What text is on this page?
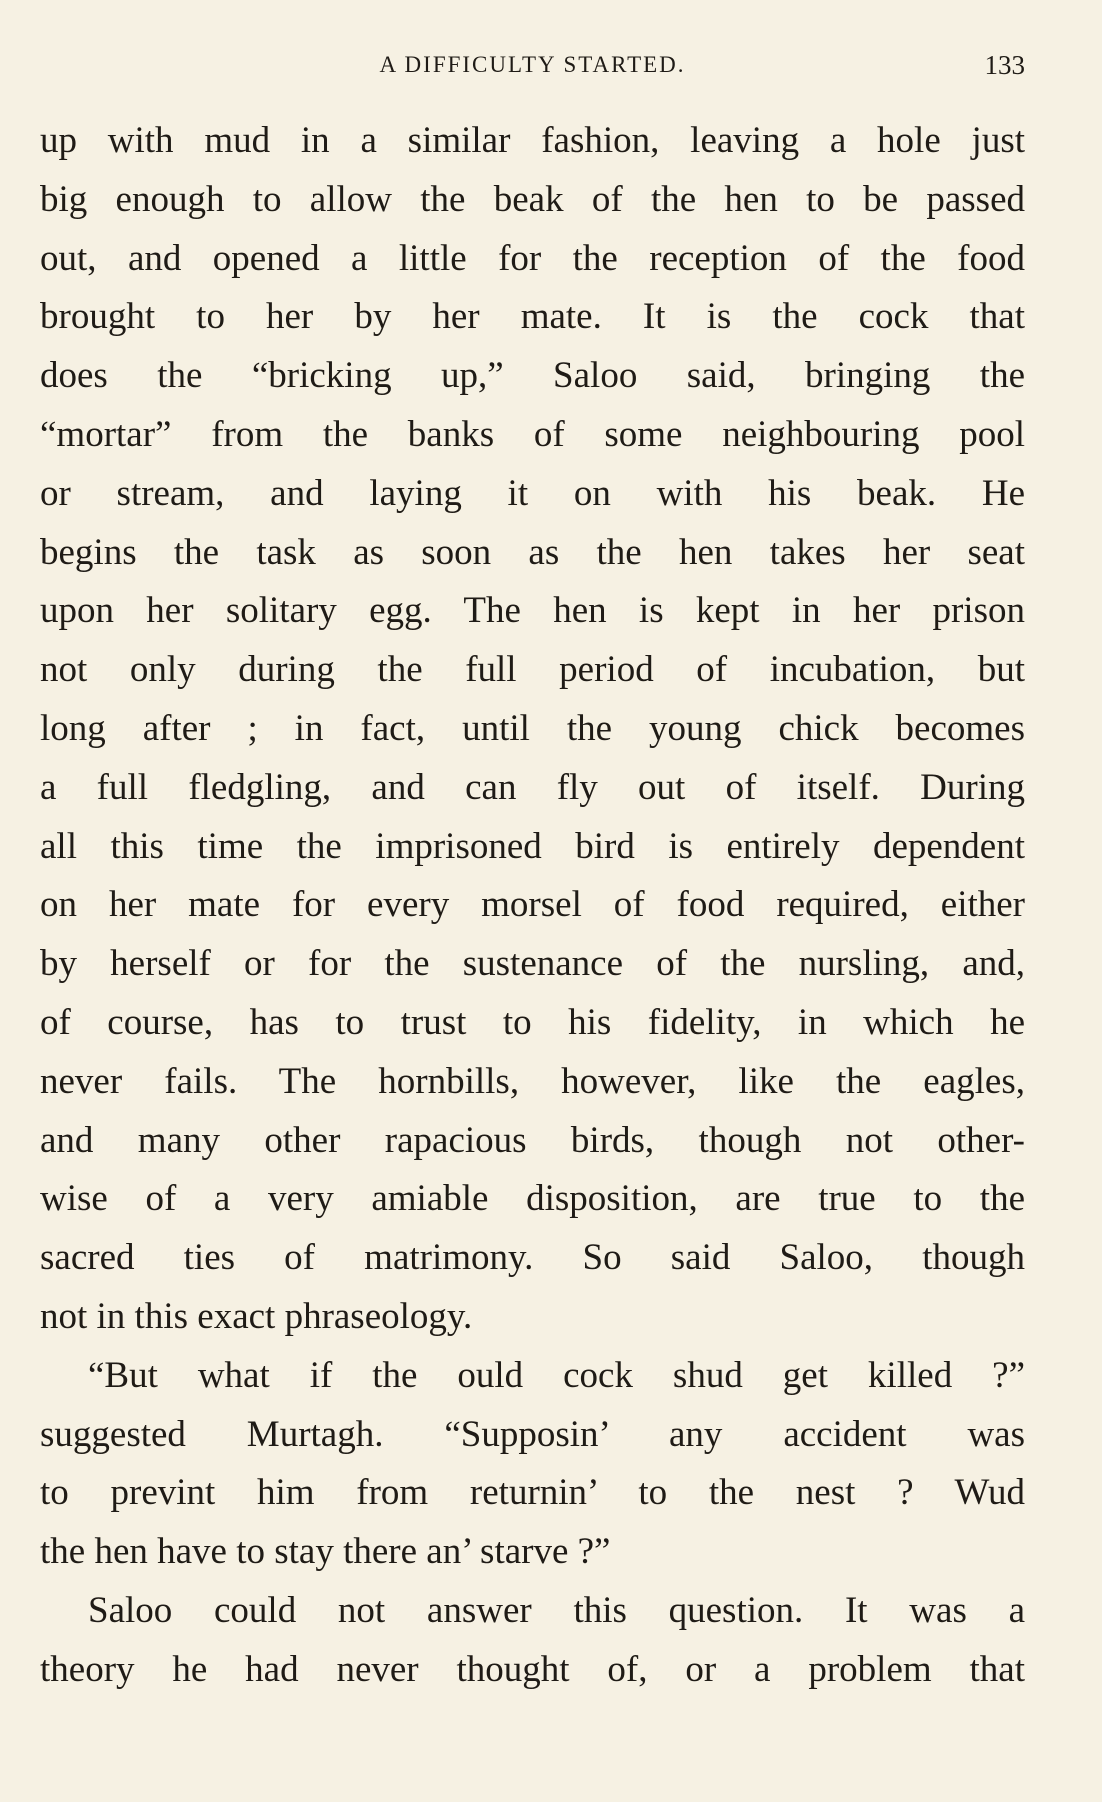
A DIFFICULTY STARTED.	133
up with mud in a similar fashion, leaving a hole just
big enough to allow the beak of the hen to be passed
out, and opened a little for the reception of the food
brought to her by her mate. It is the cock that
does the “bricking up,” Saloo said, bringing the
“mortar” from the banks of some neighbouring pool
or stream, and laying it on with his beak. He
begins the task as soon as the hen takes her seat
upon her solitary egg. The hen is kept in her prison
not only during the full period of incubation, but
long after ; in fact, until the young chick becomes
a full fledgling, and can fly out of itself. During
all this time the imprisoned bird is entirely dependent
on her mate for every morsel of food required, either
by herself or for the sustenance of the nursling, and,
of course, has to trust to his fidelity, in which he
never fails. The hornbills, however, like the eagles,
and many other rapacious birds, though not other-
wise of a very amiable disposition, are true to the
sacred ties of matrimony. So said Saloo, though
not in this exact phraseology.
“But what if the ould cock shud get killed ?”
suggested Murtagh. “Supposin’ any accident was
to prevint him from returnin’ to the nest ? Wud
the hen have to stay there an’ starve ?”
Saloo could not answer this question. It was a
theory he had never thought of, or a problem that
